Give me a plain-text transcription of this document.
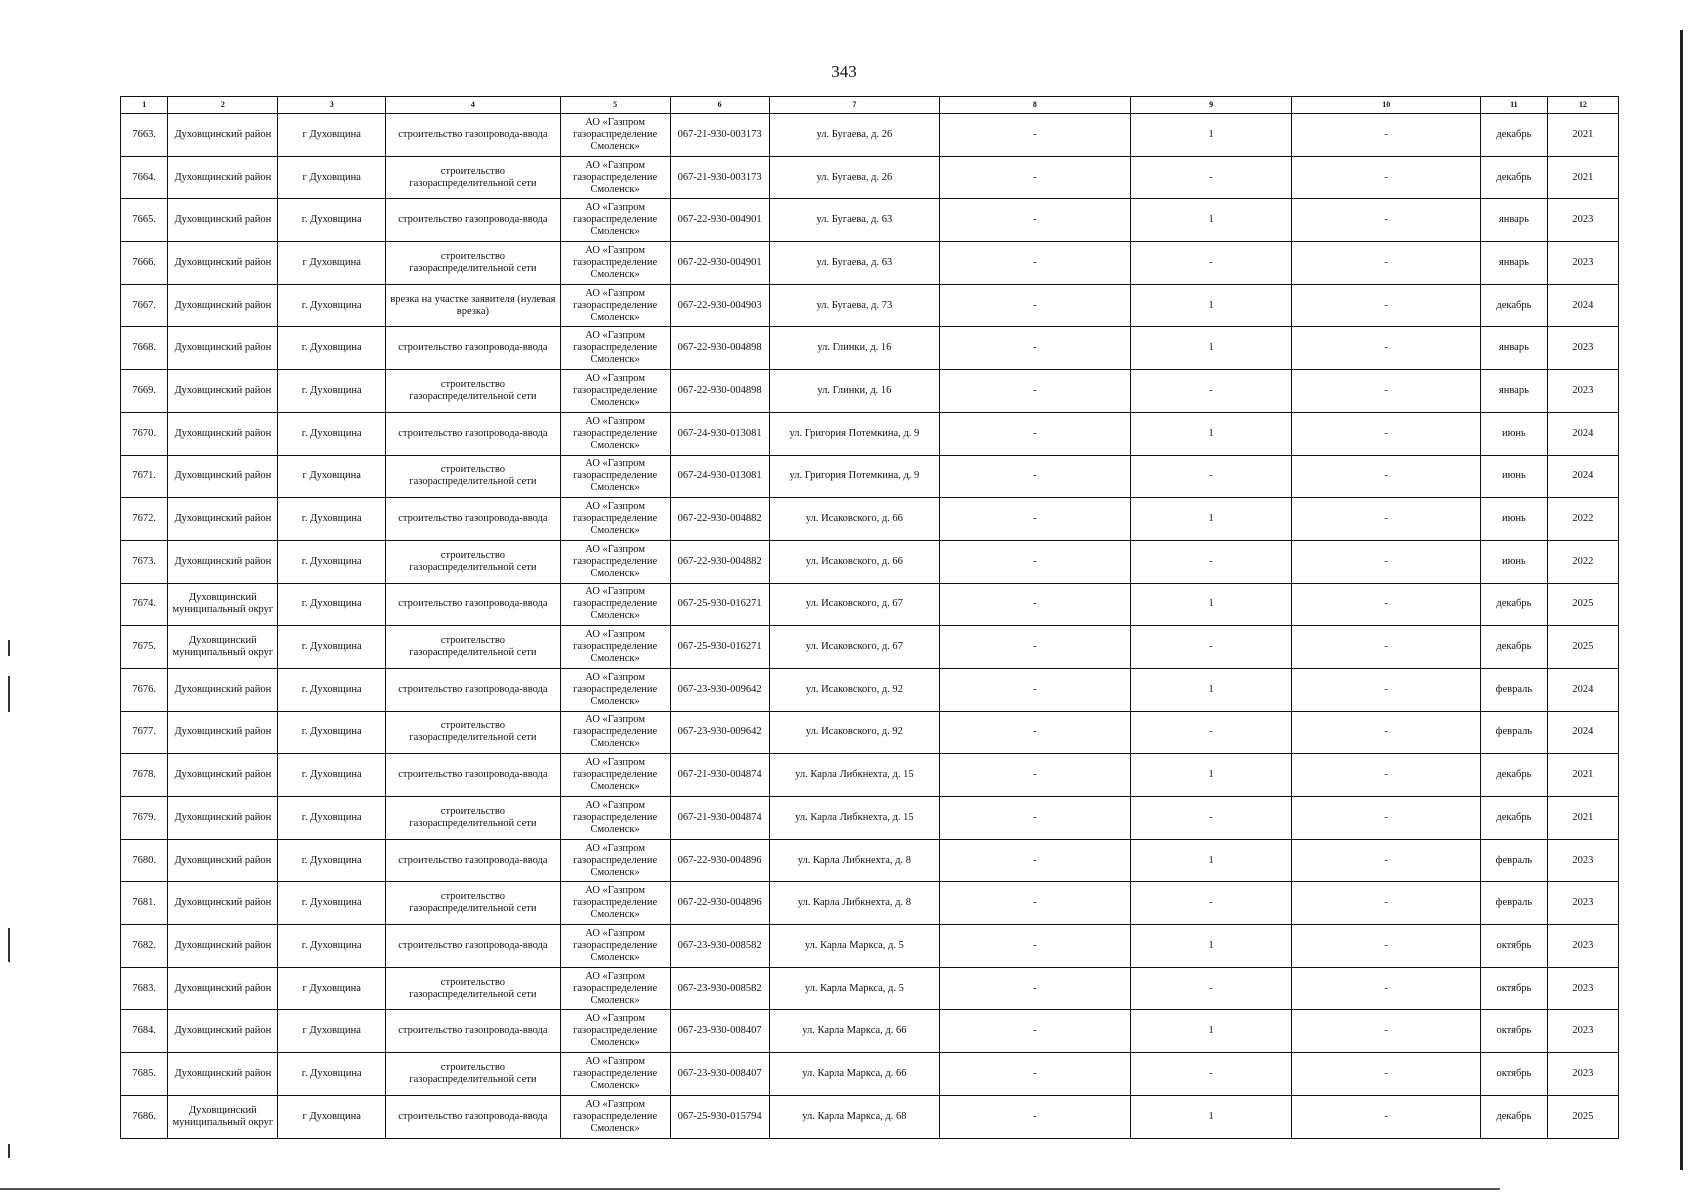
343
1	2	3	4	5	6	7	8	9	10	11	12
7663.	Духовщинский район	г Духовщина	строительство газопровода-ввода	АО «Газпром газораспределение Смоленск»	067-21-930-003173	ул. Бугаева, д. 26	-	1	-	декабрь	2021
7664.	Духовщинский район	г Духовщина	строительство газораспределительной сети	АО «Газпром газораспределение Смоленск»	067-21-930-003173	ул. Бугаева, д. 26	-	-	-	декабрь	2021
7665.	Духовщинский район	г. Духовщина	строительство газопровода-ввода	АО «Газпром газораспределение Смоленск»	067-22-930-004901	ул. Бугаева, д. 63	-	1	-	январь	2023
7666.	Духовщинский район	г Духовщина	строительство газораспределительной сети	АО «Газпром газораспределение Смоленск»	067-22-930-004901	ул. Бугаева, д. 63	-	-	-	январь	2023
7667.	Духовщинский район	г. Духовщина	врезка на участке заявителя (нулевая врезка)	АО «Газпром газораспределение Смоленск»	067-22-930-004903	ул. Бугаева, д. 73	-	1	-	декабрь	2024
7668.	Духовщинский район	г. Духовщина	строительство газопровода-ввода	АО «Газпром газораспределение Смоленск»	067-22-930-004898	ул. Глинки, д. 16	-	1	-	январь	2023
7669.	Духовщинский район	г. Духовщина	строительство газораспределительной сети	АО «Газпром газораспределение Смоленск»	067-22-930-004898	ул. Глинки, д. 16	-	-	-	январь	2023
7670.	Духовщинский район	г. Духовщина	строительство газопровода-ввода	АО «Газпром газораспределение Смоленск»	067-24-930-013081	ул. Григория Потемкина, д. 9	-	1	-	июнь	2024
7671.	Духовщинский район	г Духовщина	строительство газораспределительной сети	АО «Газпром газораспределение Смоленск»	067-24-930-013081	ул. Григория Потемкина, д. 9	-	-	-	июнь	2024
7672.	Духовщинский район	г. Духовщина	строительство газопровода-ввода	АО «Газпром газораспределение Смоленск»	067-22-930-004882	ул. Исаковского, д. 66	-	1	-	июнь	2022
7673.	Духовщинский район	г. Духовщина	строительство газораспределительной сети	АО «Газпром газораспределение Смоленск»	067-22-930-004882	ул. Исаковского, д. 66	-	-	-	июнь	2022
7674.	Духовщинский муниципальный округ	г. Духовщина	строительство газопровода-ввода	АО «Газпром газораспределение Смоленск»	067-25-930-016271	ул. Исаковского, д. 67	-	1	-	декабрь	2025
7675.	Духовщинский муниципальный округ	г. Духовщина	строительство газораспределительной сети	АО «Газпром газораспределение Смоленск»	067-25-930-016271	ул. Исаковского, д. 67	-	-	-	декабрь	2025
7676.	Духовщинский район	г. Духовщина	строительство газопровода-ввода	АО «Газпром газораспределение Смоленск»	067-23-930-009642	ул. Исаковского, д. 92	-	1	-	февраль	2024
7677.	Духовщинский район	г. Духовщина	строительство газораспределительной сети	АО «Газпром газораспределение Смоленск»	067-23-930-009642	ул. Исаковского, д. 92	-	-	-	февраль	2024
7678.	Духовщинский район	г. Духовщина	строительство газопровода-ввода	АО «Газпром газораспределение Смоленск»	067-21-930-004874	ул. Карла Либкнехта, д. 15	-	1	-	декабрь	2021
7679.	Духовщинский район	г. Духовщина	строительство газораспределительной сети	АО «Газпром газораспределение Смоленск»	067-21-930-004874	ул. Карла Либкнехта, д. 15	-	-	-	декабрь	2021
7680.	Духовщинский район	г. Духовщина	строительство газопровода-ввода	АО «Газпром газораспределение Смоленск»	067-22-930-004896	ул. Карла Либкнехта, д. 8	-	1	-	февраль	2023
7681.	Духовщинский район	г. Духовщина	строительство газораспределительной сети	АО «Газпром газораспределение Смоленск»	067-22-930-004896	ул. Карла Либкнехта, д. 8	-	-	-	февраль	2023
7682.	Духовщинский район	г. Духовщина	строительство газопровода-ввода	АО «Газпром газораспределение Смоленск»	067-23-930-008582	ул. Карла Маркса, д. 5	-	1	-	октябрь	2023
7683.	Духовщинский район	г Духовщина	строительство газораспределительной сети	АО «Газпром газораспределение Смоленск»	067-23-930-008582	ул. Карла Маркса, д. 5	-	-	-	октябрь	2023
7684.	Духовщинский район	г Духовщина	строительство газопровода-ввода	АО «Газпром газораспределение Смоленск»	067-23-930-008407	ул. Карла Маркса, д. 66	-	1	-	октябрь	2023
7685.	Духовщинский район	г. Духовщина	строительство газораспределительной сети	АО «Газпром газораспределение Смоленск»	067-23-930-008407	ул. Карла Маркса, д. 66	-	-	-	октябрь	2023
7686.	Духовщинский муниципальный округ	г Духовщина	строительство газопровода-ввода	АО «Газпром газораспределение Смоленск»	067-25-930-015794	ул. Карла Маркса, д. 68	-	1	-	декабрь	2025
